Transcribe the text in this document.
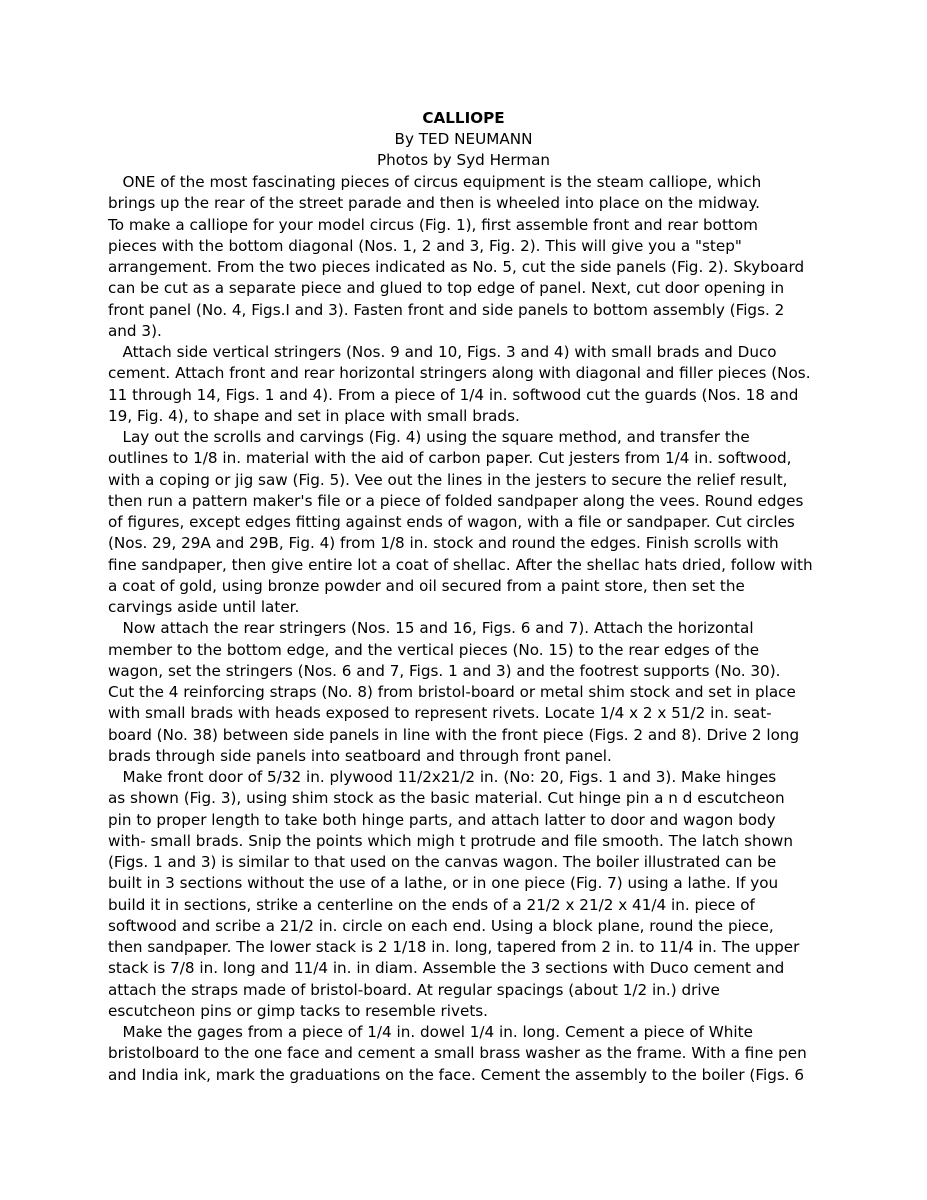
CALLIOPE
By TED NEUMANN
Photos by Syd Herman
ONE of the most fascinating pieces of circus equipment is the steam calliope, which
brings up the rear of the street parade and then is wheeled into place on the midway.
To make a calliope for your model circus (Fig. 1), first assemble front and rear bottom
pieces with the bottom diagonal (Nos. 1, 2 and 3, Fig. 2). This will give you a "step"
arrangement. From the two pieces indicated as No. 5, cut the side panels (Fig. 2). Skyboard
can be cut as a separate piece and glued to top edge of panel. Next, cut door opening in
front panel (No. 4, Figs.I and 3). Fasten front and side panels to bottom assembly (Figs. 2
and 3).
Attach side vertical stringers (Nos. 9 and 10, Figs. 3 and 4) with small brads and Duco
cement. Attach front and rear horizontal stringers along with diagonal and filler pieces (Nos.
11 through 14, Figs. 1 and 4). From a piece of 1/4 in. softwood cut the guards (Nos. 18 and
19, Fig. 4), to shape and set in place with small brads.
Lay out the scrolls and carvings (Fig. 4) using the square method, and transfer the
outlines to 1/8 in. material with the aid of carbon paper. Cut jesters from 1/4 in. softwood,
with a coping or jig saw (Fig. 5). Vee out the lines in the jesters to secure the relief result,
then run a pattern maker's file or a piece of folded sandpaper along the vees. Round edges
of figures, except edges fitting against ends of wagon, with a file or sandpaper. Cut circles
(Nos. 29, 29A and 29B, Fig. 4) from 1/8 in. stock and round the edges. Finish scrolls with
fine sandpaper, then give entire lot a coat of shellac. After the shellac hats dried, follow with
a coat of gold, using bronze powder and oil secured from a paint store, then set the
carvings aside until later.
Now attach the rear stringers (Nos. 15 and 16, Figs. 6 and 7). Attach the horizontal
member to the bottom edge, and the vertical pieces (No. 15) to the rear edges of the
wagon, set the stringers (Nos. 6 and 7, Figs. 1 and 3) and the footrest supports (No. 30).
Cut the 4 reinforcing straps (No. 8) from bristol-board or metal shim stock and set in place
with small brads with heads exposed to represent rivets. Locate 1/4 x 2 x 51/2 in. seat-
board (No. 38) between side panels in line with the front piece (Figs. 2 and 8). Drive 2 long
brads through side panels into seatboard and through front panel.
Make front door of 5/32 in. plywood 11/2x21/2 in. (No: 20, Figs. 1 and 3). Make hinges
as shown (Fig. 3), using shim stock as the basic material. Cut hinge pin a n d escutcheon
pin to proper length to take both hinge parts, and attach latter to door and wagon body
with- small brads. Snip the points which migh t protrude and file smooth. The latch shown
(Figs. 1 and 3) is similar to that used on the canvas wagon. The boiler illustrated can be
built in 3 sections without the use of a lathe, or in one piece (Fig. 7) using a lathe. If you
build it in sections, strike a centerline on the ends of a 21/2 x 21/2 x 41/4 in. piece of
softwood and scribe a 21/2 in. circle on each end. Using a block plane, round the piece,
then sandpaper. The lower stack is 2 1/18 in. long, tapered from 2 in. to 11/4 in. The upper
stack is 7/8 in. long and 11/4 in. in diam. Assemble the 3 sections with Duco cement and
attach the straps made of bristol-board. At regular spacings (about 1/2 in.) drive
escutcheon pins or gimp tacks to resemble rivets.
Make the gages from a piece of 1/4 in. dowel 1/4 in. long. Cement a piece of White
bristolboard to the one face and cement a small brass washer as the frame. With a fine pen
and India ink, mark the graduations on the face. Cement the assembly to the boiler (Figs. 6
